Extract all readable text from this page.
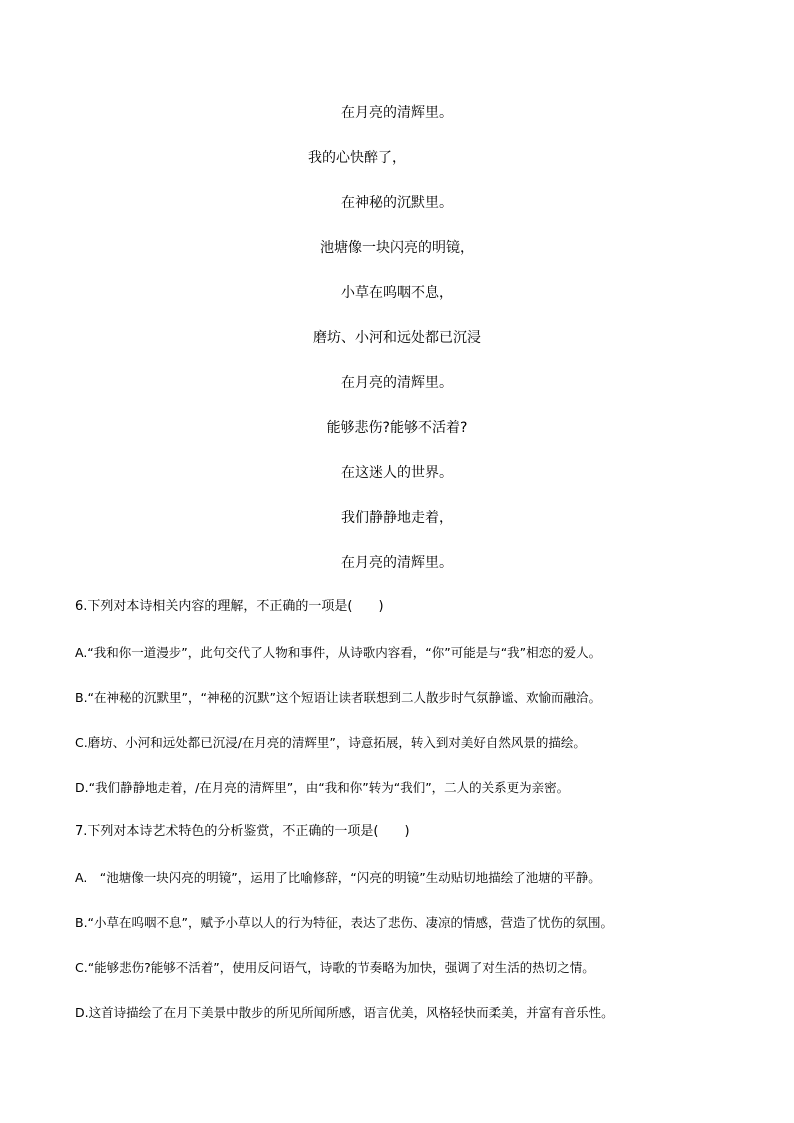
在月亮的清辉里。
我的心快醉了，
在神秘的沉默里。
池塘像一块闪亮的明镜，
小草在呜咽不息，
磨坊、小河和远处都已沉浸
在月亮的清辉里。
能够悲伤?能够不活着?
在这迷人的世界。
我们静静地走着，
在月亮的清辉里。
6.下列对本诗相关内容的理解，不正确的一项是(　　)
A.“我和你一道漫步”，此句交代了人物和事件，从诗歌内容看，“你”可能是与“我”相恋的爱人。
B.“在神秘的沉默里”，“神秘的沉默”这个短语让读者联想到二人散步时气氛静谧、欢愉而融洽。
C.磨坊、小河和远处都已沉浸/在月亮的清辉里”，诗意拓展，转入到对美好自然风景的描绘。
D.“我们静静地走着，/在月亮的清辉里”，由“我和你”转为“我们”，二人的关系更为亲密。
7.下列对本诗艺术特色的分析鉴赏，不正确的一项是(　　)
A.　“池塘像一块闪亮的明镜”，运用了比喻修辞，“闪亮的明镜”生动贴切地描绘了池塘的平静。
B.“小草在呜咽不息”，赋予小草以人的行为特征，表达了悲伤、凄凉的情感，营造了忧伤的氛围。
C.“能够悲伤?能够不活着”，使用反问语气，诗歌的节奏略为加快，强调了对生活的热切之情。
D.这首诗描绘了在月下美景中散步的所见所闻所感，语言优美，风格轻快而柔美，并富有音乐性。
